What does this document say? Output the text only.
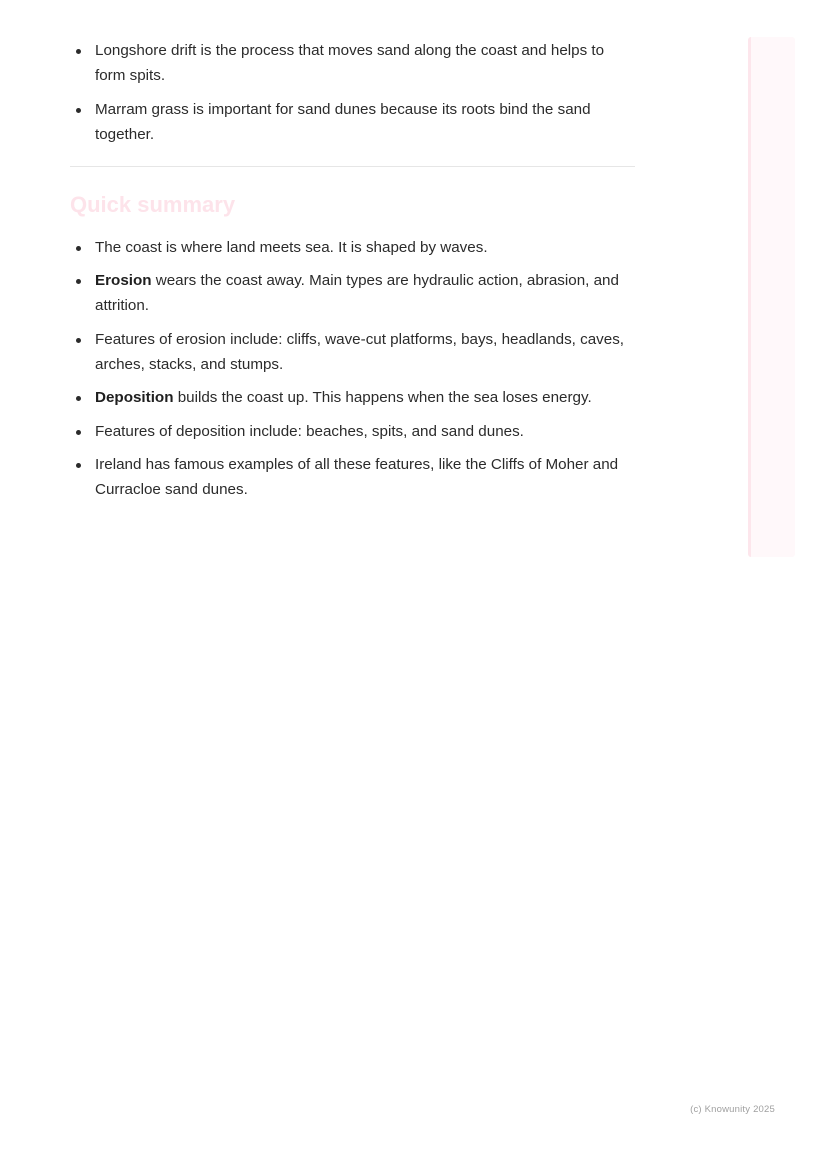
Longshore drift is the process that moves sand along the coast and helps to form spits.
Marram grass is important for sand dunes because its roots bind the sand together.
Quick summary
The coast is where land meets sea. It is shaped by waves.
Erosion wears the coast away. Main types are hydraulic action, abrasion, and attrition.
Features of erosion include: cliffs, wave-cut platforms, bays, headlands, caves, arches, stacks, and stumps.
Deposition builds the coast up. This happens when the sea loses energy.
Features of deposition include: beaches, spits, and sand dunes.
Ireland has famous examples of all these features, like the Cliffs of Moher and Curracloe sand dunes.
(c) Knowunity 2025
